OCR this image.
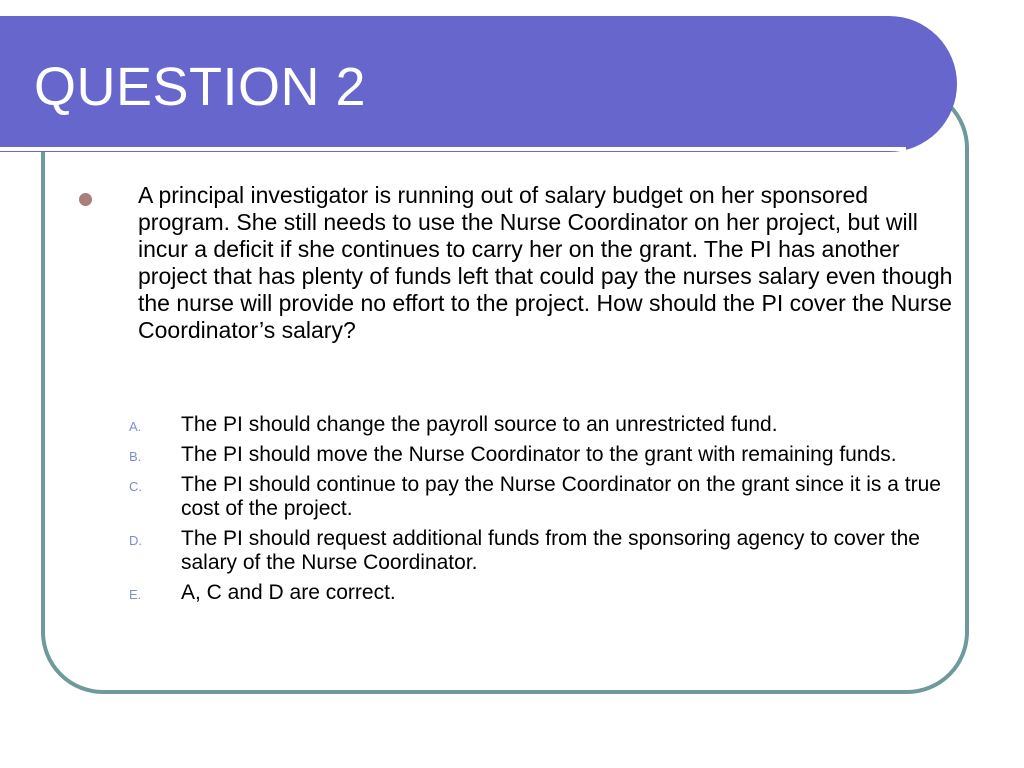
QUESTION 2

A principal investigator is running out of salary budget on her sponsored program. She still needs to use the Nurse Coordinator on her project, but will incur a deficit if she continues to carry her on the grant. The PI has another project that has plenty of funds left that could pay the nurses salary even though the nurse will provide no effort to the project. How should the PI cover the Nurse Coordinator’s salary?

A. The PI should change the payroll source to an unrestricted fund.
B. The PI should move the Nurse Coordinator to the grant with remaining funds.
C. The PI should continue to pay the Nurse Coordinator on the grant since it is a true cost of the project.
D. The PI should request additional funds from the sponsoring agency to cover the salary of the Nurse Coordinator.
E. A, C and D are correct.
